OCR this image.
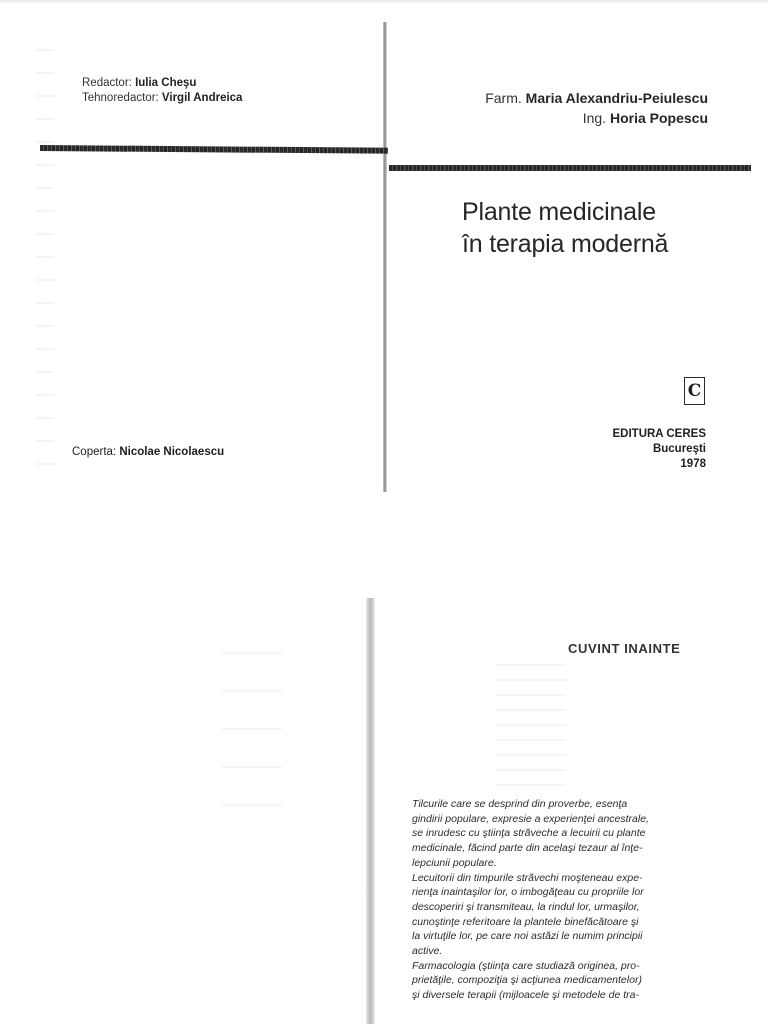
Redactor: Iulia Cheşu
Tehnoredactor: Virgil Andreica
Coperta: Nicolae Nicolaescu
Farm. Maria Alexandriu-Peiulescu
Ing. Horia Popescu
Plante medicinale
în terapia modernă
C
EDITURA CERES
Bucureşti
1978
CUVINT INAINTE
Tilcurile care se desprind din proverbe, esenţa
gindirii populare, expresie a experienţei ancestrale,
se inrudesc cu ştiinţa străveche a lecuirii cu plante
medicinale, făcind parte din acelaşi tezaur al înţe-
lepciunii populare.
Lecuitorii din timpurile străvechi moşteneau expe-
rienţa inaintaşilor lor, o imbogăţeau cu propriile lor
descoperiri şi transmiteau, la rindul lor, urmaşilor,
cunoştinţe referitoare la plantele binefăcătoare şi
la virtuţile lor, pe care noi astăzi le numim principii
active.
Farmacologia (ştiinţa care studiază originea, pro-
prietăţile, compoziţia şi acţiunea medicamentelor)
şi diversele terapii (mijloacele şi metodele de tra-
